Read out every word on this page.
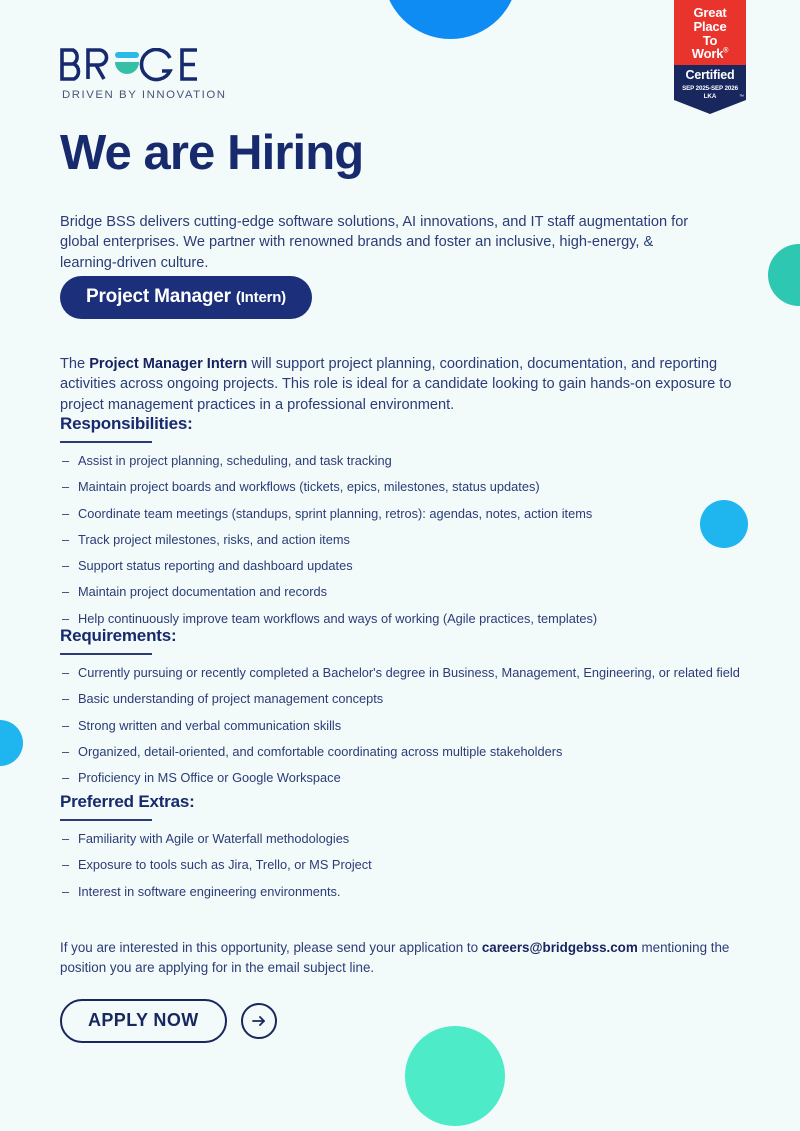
Great
Place
To
Work®
Certified
SEP 2025-SEP 2026
LKA	™
DRIVEN BY INNOVATION
We are Hiring

Bridge BSS delivers cutting-edge software solutions, AI innovations, and IT staff augmentation for global enterprises. We partner with renowned brands and foster an inclusive, high-energy, & learning-driven culture.

Project Manager (Intern)

The Project Manager Intern will support project planning, coordination, documentation, and reporting activities across ongoing projects. This role is ideal for a candidate looking to gain hands-on exposure to project management practices in a professional environment.

Responsibilities:
– Assist in project planning, scheduling, and task tracking
– Maintain project boards and workflows (tickets, epics, milestones, status updates)
– Coordinate team meetings (standups, sprint planning, retros): agendas, notes, action items
– Track project milestones, risks, and action items
– Support status reporting and dashboard updates
– Maintain project documentation and records
– Help continuously improve team workflows and ways of working (Agile practices, templates)
Requirements:
– Currently pursuing or recently completed a Bachelor's degree in Business, Management, Engineering, or related field
– Basic understanding of project management concepts
– Strong written and verbal communication skills
– Organized, detail-oriented, and comfortable coordinating across multiple stakeholders
– Proficiency in MS Office or Google Workspace
Preferred Extras:
– Familiarity with Agile or Waterfall methodologies
– Exposure to tools such as Jira, Trello, or MS Project
– Interest in software engineering environments.

If you are interested in this opportunity, please send your application to careers@bridgebss.com mentioning the position you are applying for in the email subject line.

APPLY NOW
